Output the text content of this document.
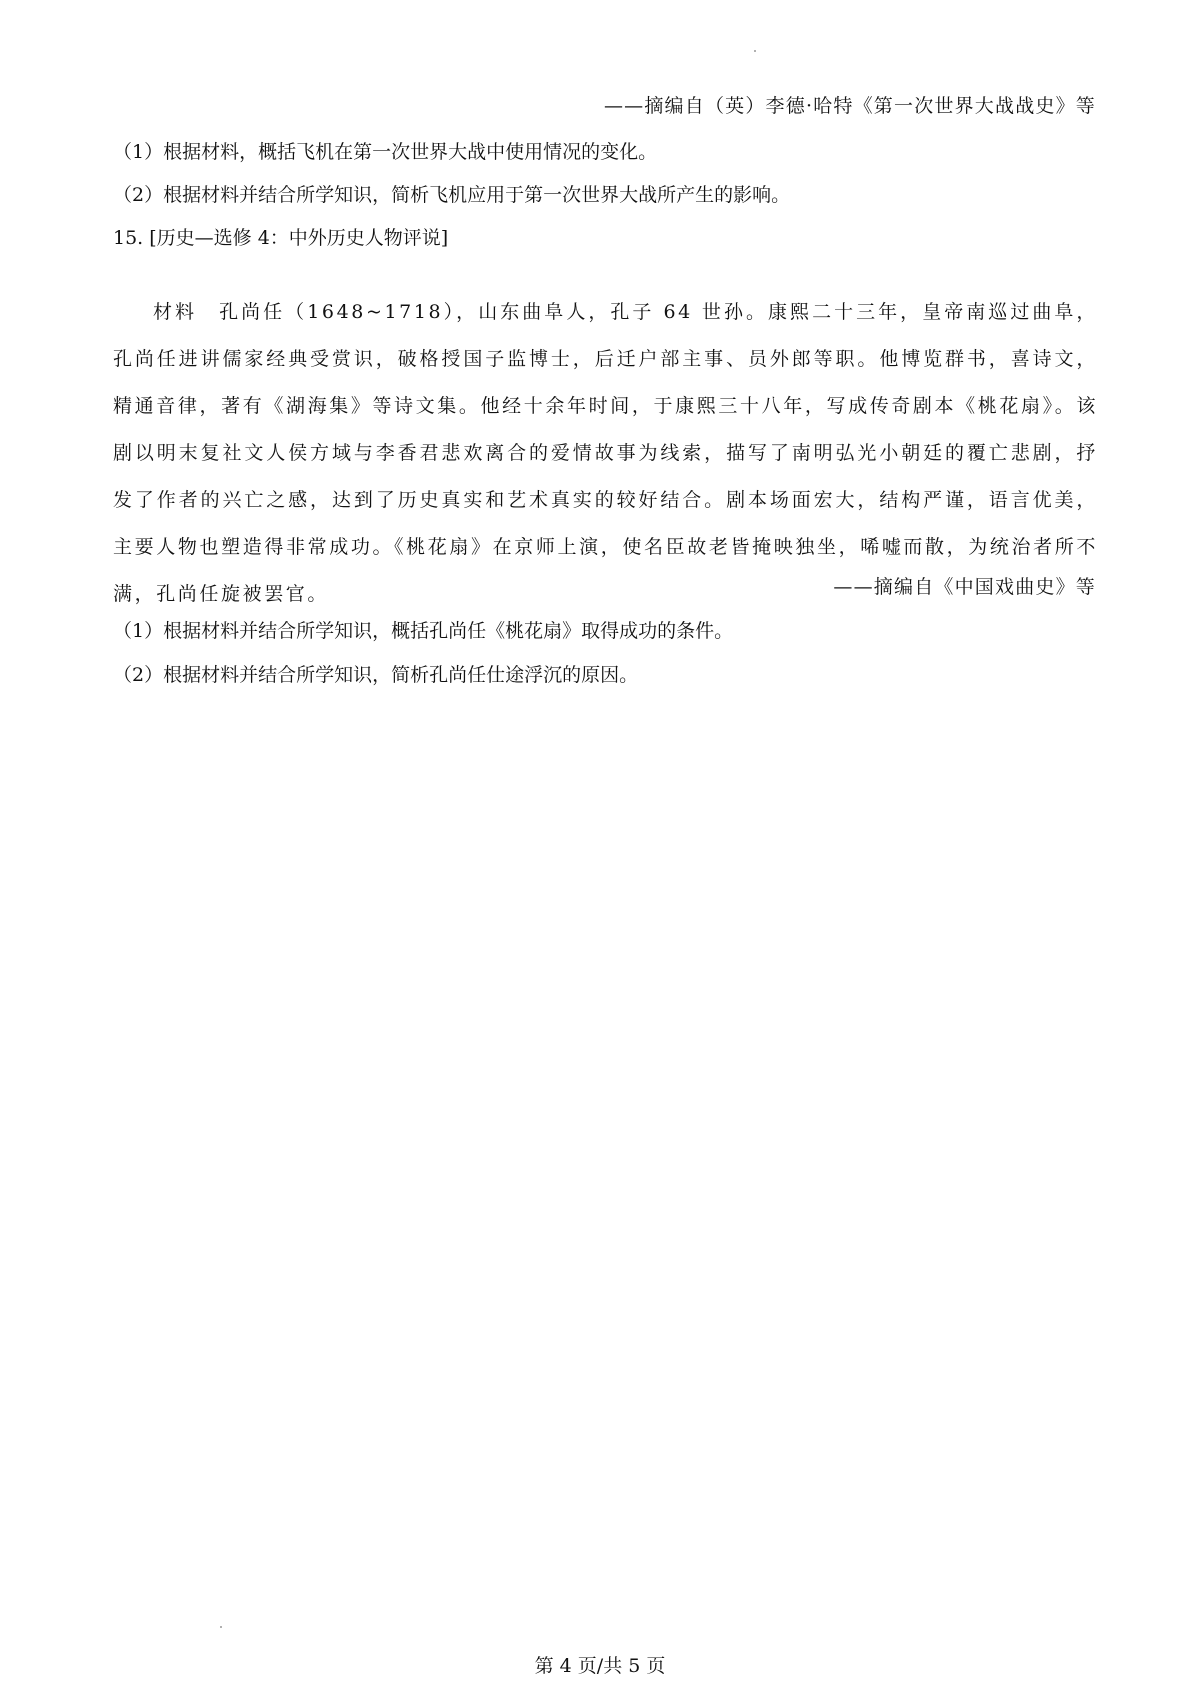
——摘编自（英）李德·哈特《第一次世界大战战史》等
（1）根据材料，概括飞机在第一次世界大战中使用情况的变化。
（2）根据材料并结合所学知识，简析飞机应用于第一次世界大战所产生的影响。
15. [历史—选修 4：中外历史人物评说]

材料　 孔尚任（1648~1718），山东曲阜人，孔子 64 世孙。康熙二十三年，皇帝南巡过曲阜，孔尚任进讲儒家经典受赏识，破格授国子监博士，后迁户部主事、员外郎等职。他博览群书，喜诗文，精通音律，著有《湖海集》等诗文集。他经十余年时间，于康熙三十八年，写成传奇剧本《桃花扇》。该剧以明末复社文人侯方域与李香君悲欢离合的爱情故事为线索，描写了南明弘光小朝廷的覆亡悲剧，抒发了作者的兴亡之感，达到了历史真实和艺术真实的较好结合。剧本场面宏大，结构严谨，语言优美，主要人物也塑造得非常成功。《桃花扇》在京师上演，使名臣故老皆掩映独坐，唏嘘而散，为统治者所不满，孔尚任旋被罢官。	——摘编自《中国戏曲史》等
（1）根据材料并结合所学知识，概括孔尚任《桃花扇》取得成功的条件。
（2）根据材料并结合所学知识，简析孔尚任仕途浮沉的原因。
第 4 页/共 5 页
